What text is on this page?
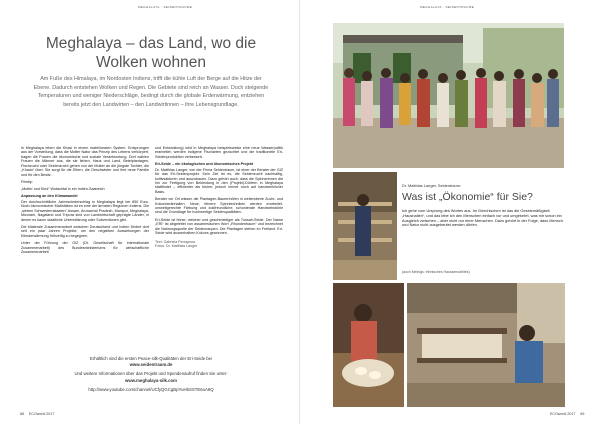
MEGHALAYA · SEIDENTRAUME
Meghalaya – das Land, wo die Wolken wohnen
Am Fuße des Himalaya, im Nordosten Indiens, trifft die kühle Luft der Berge auf die Hitze der Ebene. Dadurch entstehen Wolken und Regen. Die Gebiete sind reich an Wasser. Doch steigende Temperaturen und weniger Niederschläge, bedingt durch die globale Erderwärmung, entziehen bereits jetzt den Landwirten – den Landwirtinnen – ihre Lebensgrundlage.

In Meghalaya leben die Khasi in einem matrilinearen System. Entsprungen aus der Vorstellung, dass die Mutter Natur das Prinzip des Lebens verkörpert, tragen die Frauen die ökonomische und soziale Verantwortung. Dort wählen Frauen die Männer aus, die sie lieben. Haus und Land, Betelplantagen, Fischzucht oder Seidenzucht gehen von der Mutter an die jüngste Tochter, die „Khadu“ über. Sie sorgt für die Eltern, die Geschwister und ihre neue Familie und für den Besitz.

Filmtip:

„Mutter und Kind“ Wutachtal in ein Indien-Saatreich

Anpassung an den Klimawandel

Der durchschnittliche Jahresniederschlag in Meghalaya liegt bei 850 Euro. Noch ökonomischer Maßstäben ist es eine der ärmsten Regionen Indiens. Die „sieben Schwesternstaaten“ Assam, Arunachal Pradesh, Manipur, Meghalaya, Mizoram, Nagaland und Tripura sind von Landwirtschaft geprägte Länder, in denen es kaum staatliche Unterstützung oder Subventionen gibt.

Die bilaterale Zusammenarbeit zwischen Deutschland und Indien fördert dort seit ein paar Jahren Projekte, um den negativen Auswirkungen der Klimaerwärmung frühzeitig zu begegnen.

Unter der Führung der GIZ (Dt. Gesellschaft für internationale Zusammenarbeit) des Bundesministeriums für wirtschaftliche Zusammenarbeit

und Entwicklung) wird in Meghalaya beispielsweise eine neue Wasserpolitik erarbeitet; werden indigene Fischarten gezüchtet und die traditionelle Eri-Seidenproduktion verbessert.

Eri-Seide – ein ökologisches und ökonomisches Projekt

Dr. Matthias Langer, von der Firma Seidentraum, ist einer der Berater der GIZ für das Eri-Seidenprojekt. Sein Ziel ist es, die Seidenzucht nachhaltig, kultivsakturen und auszubauen. Dazu gehört auch, dass die Spinnerinnen die hin zur Fertigung von Bekleidung in den (Projekt)-Dörfern in Meghalaya stattfindet – effizienter als bisher, jedoch immer noch auf handwerklicher Basis.

Berater vor Ort wissen die Plantagen-Bauernhöfen in weitersberie Zucht- und Kokonbedinhalten. Neue, feinere Spinntechniken werden erarbeitet, umweltgerechte Färbung und kokfreundliche, schonlerate Handwebstühle sind die Grundlage für hochwertige Seidenqualitäten.

Eri-Seide ist feiner, weicher und geschmeidiger als Tussah-Seide. Der Name „ERI“ ist abgeleitet von assamesischen Wort „Rhundenbaum“ und bezeichnet die Nahrungsquelle der Seidenraupen. Die Plantagen stehen im Freiland. Eri-Seide wird ausserhalben Kokons gewonnen.

Text: Gabriela Pennymos
Fotos: Dr. Matthias Langer
Erhältlich sind die ersten Peace-silk-Qualitäten der Eri-Seide bei
www.seidentraum.de
Und weitere Informationen über das Projekt und Spendenaufruf finden Sie unter:
www.meghalaya-silk.com
http://www.youtube.com/channel/UCfyQGCgBpYuHbSSTE6oA6Q
88 ECOworld 2017
MEGHALAYA · SEIDENTRAUME
ECOworld 2017 89
Dr. Matthias Langer, Seidentraum:
Was ist „Ökonomie“ für Sie?
Ich gehe vom Ursprung des Wortes aus. Im Griechischen ist das die Gesetzmäßigkeit „Haushalten“, und das lebe ich den Menschen einfach vor und umgekehrt, was mir schon ein Ausgleich zwischen – aber nicht nur einer Menschen. Dazu gehört in der Folge, dass Mensch und Natur nicht ausgebeutet werden dürfen.
(auch Meinigs: ethnisches Haussennahltes)
